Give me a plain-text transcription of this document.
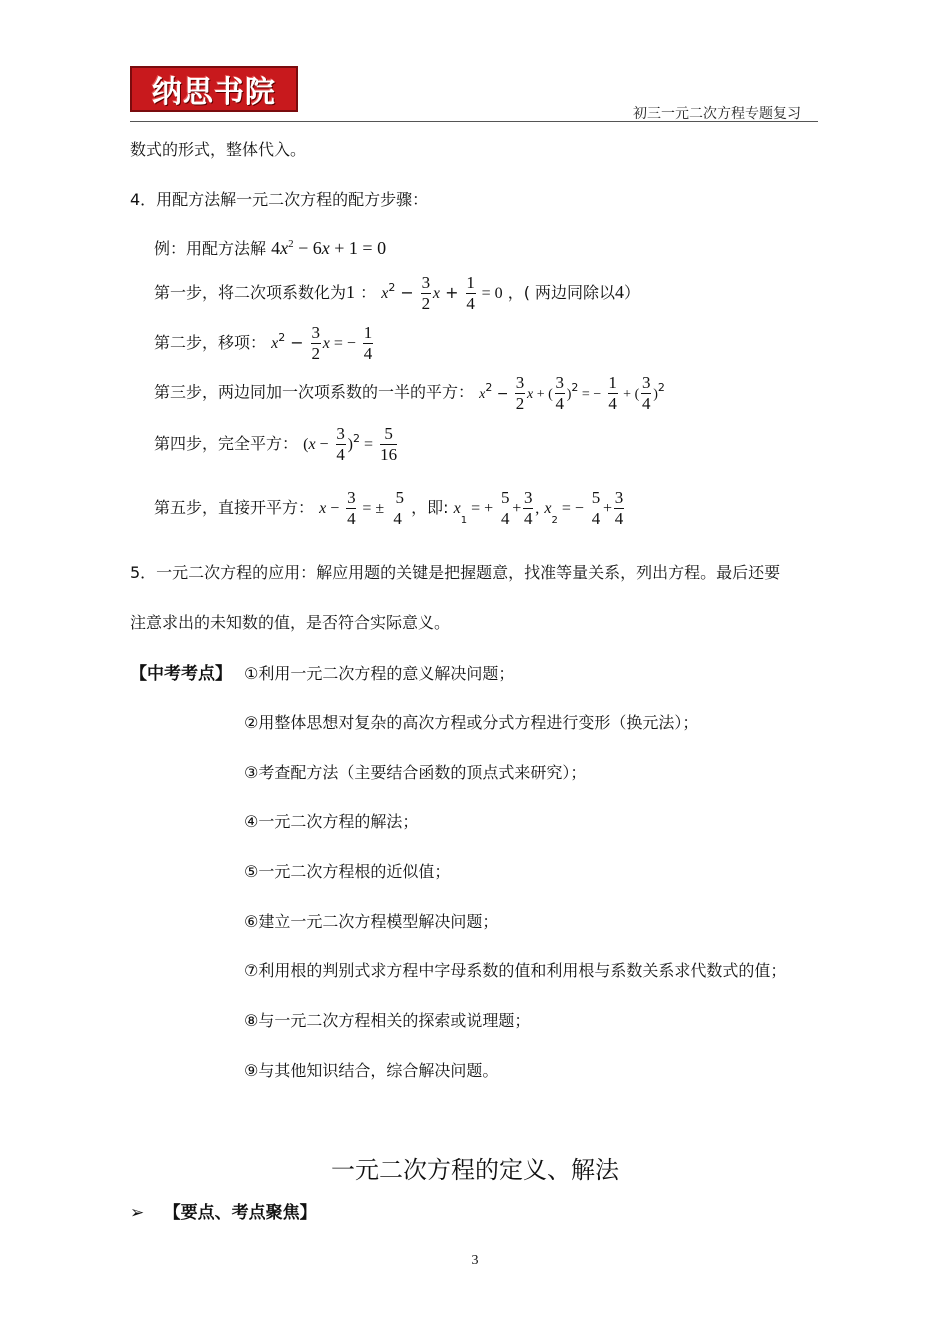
纳思书院
初三一元二次方程专题复习
数式的形式，整体代入。
4．用配方法解一元二次方程的配方步骤：
例：用配方法解 $4x^2 - 6x + 1 = 0$
第一步，将二次项系数化为1 ： $x^2 - \frac{3}{2}$ $x + \frac{1}{4} = 0$ ，( 两边同除以4）
第二步，移项： $x^2 - \frac{3}{2}$ x = − $\frac{1}{4}$
第三步，两边同加一次项系数的一半的平方： $x^2 - \frac{3}{2}$ x + ( $\frac{3}{4} )^2$ = − $\frac{1}{4}$ + ( $\frac{3}{4} )^2$
第四步，完全平方： $(x - \frac{3}{4} )^2 = \frac{5}{16}$
第五步，直接开平方： $x - \frac{3}{4}$ = ± $\frac{5}{4}$ ，即: $x_1$ = + $\frac{5}{4} + \frac{3}{4}$ , $x_2$ = − $\frac{5}{4} + \frac{3}{4}$
5．一元二次方程的应用：解应用题的关键是把握题意，找准等量关系，列出方程。最后还要
注意求出的未知数的值，是否符合实际意义。
【中考考点】 ①利用一元二次方程的意义解决问题；
②用整体思想对复杂的高次方程或分式方程进行变形（换元法）；
③考查配方法（主要结合函数的顶点式来研究）；
④一元二次方程的解法；
⑤一元二次方程根的近似值；
⑥建立一元二次方程模型解决问题；
⑦利用根的判别式求方程中字母系数的值和利用根与系数关系求代数式的值；
⑧与一元二次方程相关的探索或说理题；
⑨与其他知识结合，综合解决问题。
一元二次方程的定义、解法
➢ 【要点、考点聚焦】
3
